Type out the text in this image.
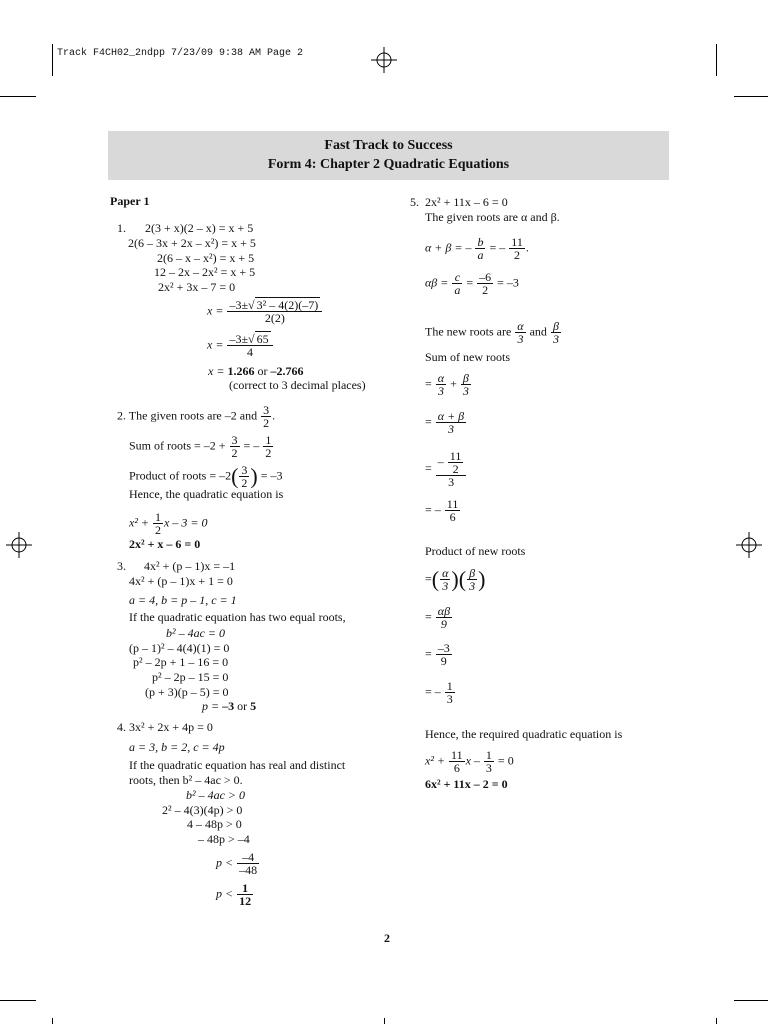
Track F4CH02_2ndpp 7/23/09 9:38 AM Page 2
Fast Track to Success
Form 4: Chapter 2 Quadratic Equations
Paper 1
1. 2(3 + x)(2 – x) = x + 5
2(6 – 3x + 2x – x²) = x + 5
2(6 – x – x²) = x + 5
12 – 2x – 2x² = x + 5
2x² + 3x – 7 = 0
$x = \frac{\text{–3±√ 3² – 4(2)(–7)}}{2(2)}$
$x = \frac{-3\pm√ 65}{4}$
x = 1.266 or –2.766
(correct to 3 decimal places)
2. The given roots are –2 and $\frac{3}{2}$ .
Sum of roots = $-2 + \frac{3}{2}$ = – $\frac{1}{2}$
Product of roots = $-2( \frac{3}{2}$ ) = –3
Hence, the quadratic equation is
$x^2 + \frac{1}{2}$ x – 3 = 0
2x² + x – 6 = 0
3. 4x² + (p – 1)x = –1
4x² + (p – 1)x + 1 = 0
a = 4, b = p – 1, c = 1
If the quadratic equation has two equal roots,
b² – 4ac = 0
(p – 1)² – 4(4)(1) = 0
p² – 2p + 1 – 16 = 0
p² – 2p – 15 = 0
(p + 3)(p – 5) = 0
p = –3 or 5
4. 3x² + 2x + 4p = 0
a = 3, b = 2, c = 4p
If the quadratic equation has real and distinct
roots, then b² – 4ac > 0.
b² – 4ac > 0
2² – 4(3)(4p) > 0
4 – 48p > 0
– 48p > –4
$p < \frac{-4}{-48}$
$p < \frac{1}{12}$
5. 2x² + 11x – 6 = 0
The given roots are α and β.
α + β = – $\frac{b}{a}$ = – $\frac{11}{2}$ .
$\alpha\beta = \frac{c}{a} = \frac{-6}{2} = -3$
The new roots are $\frac{\alpha}{3}$ and $\frac{\beta}{3}$
Sum of new roots
= $\frac{\alpha}{3} + \frac{\beta}{3}$
= $\frac{\alpha + \beta}{3}$
= $\frac{- \frac{11}{2}}{3}$
= – $\frac{11}{6}$
Product of new roots
=( $\frac{\alpha}{3}$ )( $\frac{\beta}{3}$ )
= $\frac{\alpha\beta}{9}$
= $\frac{-3}{9}$
= – $\frac{1}{3}$
Hence, the required quadratic equation is
$x^2 + \frac{11}{6}$ $x - \frac{1}{3} = 0$
6x² + 11x – 2 = 0
2
